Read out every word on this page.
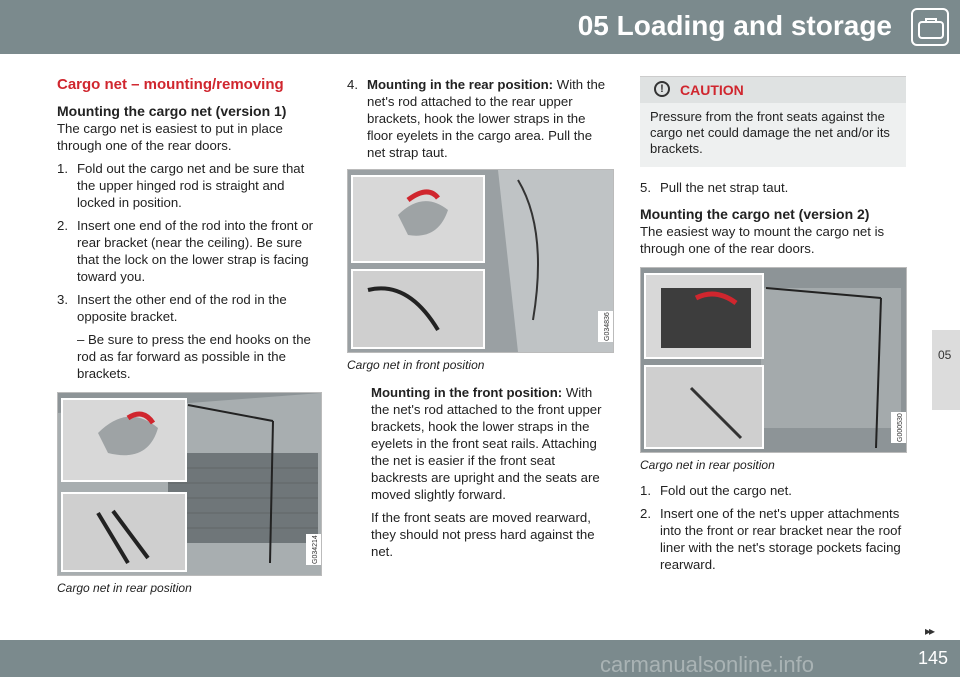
05 Loading and storage
05
Cargo net – mounting/removing
Mounting the cargo net (version 1)

The cargo net is easiest to put in place through one of the rear doors.

1. Fold out the cargo net and be sure that the upper hinged rod is straight and locked in position.
2. Insert one end of the rod into the front or rear bracket (near the ceiling). Be sure that the lock on the lower strap is facing toward you.
3. Insert the other end of the rod in the opposite bracket.
– Be sure to press the end hooks on the rod as far forward as possible in the brackets.
G034214
Cargo net in rear position
4. Mounting in the rear position: With the net's rod attached to the rear upper brackets, hook the lower straps in the floor eyelets in the cargo area. Pull the net strap taut.
G034836
Cargo net in front position

Mounting in the front position: With the net's rod attached to the front upper brackets, hook the lower straps in the eyelets in the front seat rails. Attaching the net is easier if the front seat backrests are upright and the seats are moved slightly forward.

If the front seats are moved rearward, they should not press hard against the net.

!	CAUTION
Pressure from the front seats against the cargo net could damage the net and/or its brackets.
5. Pull the net strap taut.
Mounting the cargo net (version 2)

The easiest way to mount the cargo net is through one of the rear doors.

G000530
Cargo net in rear position
1. Fold out the cargo net.
2. Insert one of the net's upper attachments into the front or rear bracket near the roof liner with the net's storage pockets facing rearward.
▸▸
carmanualsonline.info	145
